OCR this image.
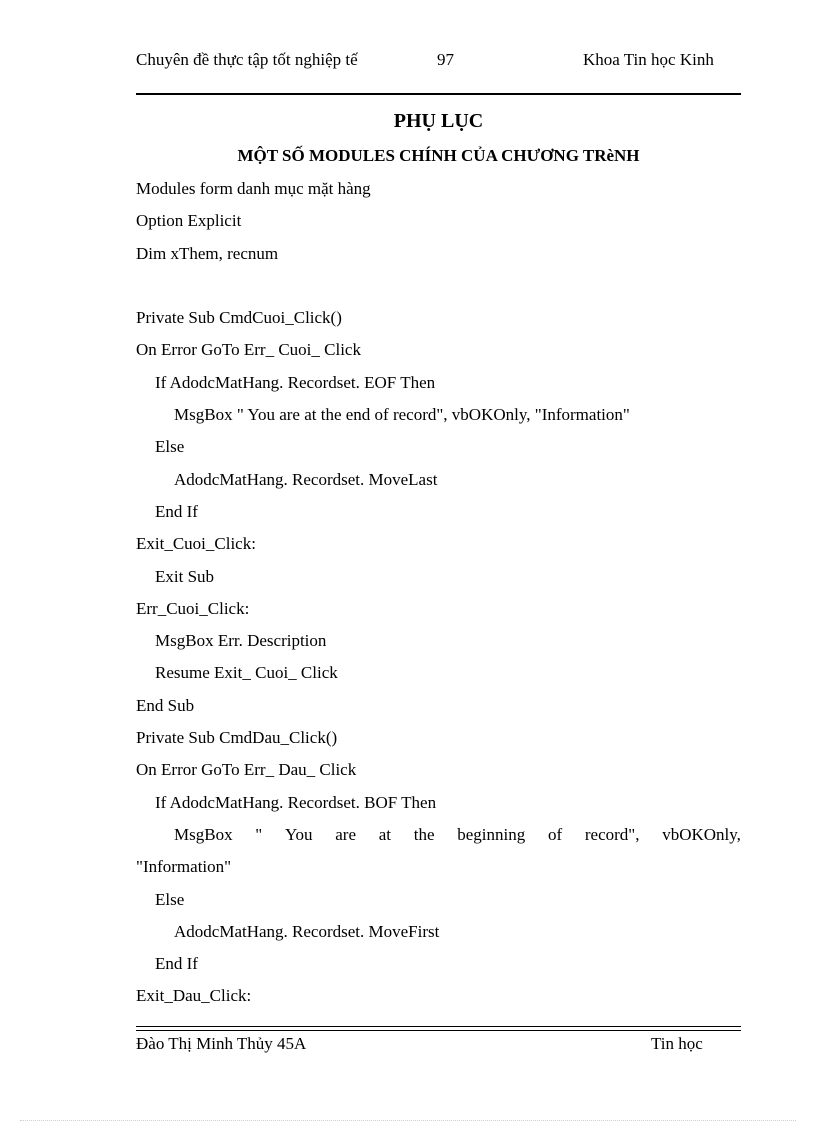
Chuyên đề thực tập tốt nghiệp tế	97	Khoa Tin học Kinh
PHỤ LỤC
MỘT SỐ MODULES CHÍNH CỦA CHƯƠNG TRèNH
Modules form danh mục mặt hàng
Option Explicit
Dim xThem, recnum
Private Sub CmdCuoi_Click()
On Error GoTo Err_ Cuoi_ Click
If AdodcMatHang. Recordset. EOF Then
MsgBox " You are at the end of record", vbOKOnly, "Information"
Else
AdodcMatHang. Recordset. MoveLast
End If
Exit_Cuoi_Click:
Exit Sub
Err_Cuoi_Click:
MsgBox Err. Description
Resume Exit_ Cuoi_ Click
End Sub
Private Sub CmdDau_Click()
On Error GoTo Err_ Dau_ Click
If AdodcMatHang. Recordset. BOF Then
MsgBox " You are at the beginning of record", vbOKOnly,
"Information"
Else
AdodcMatHang. Recordset. MoveFirst
End If
Exit_Dau_Click:
Đào Thị Minh Thủy 45A	Tin học
